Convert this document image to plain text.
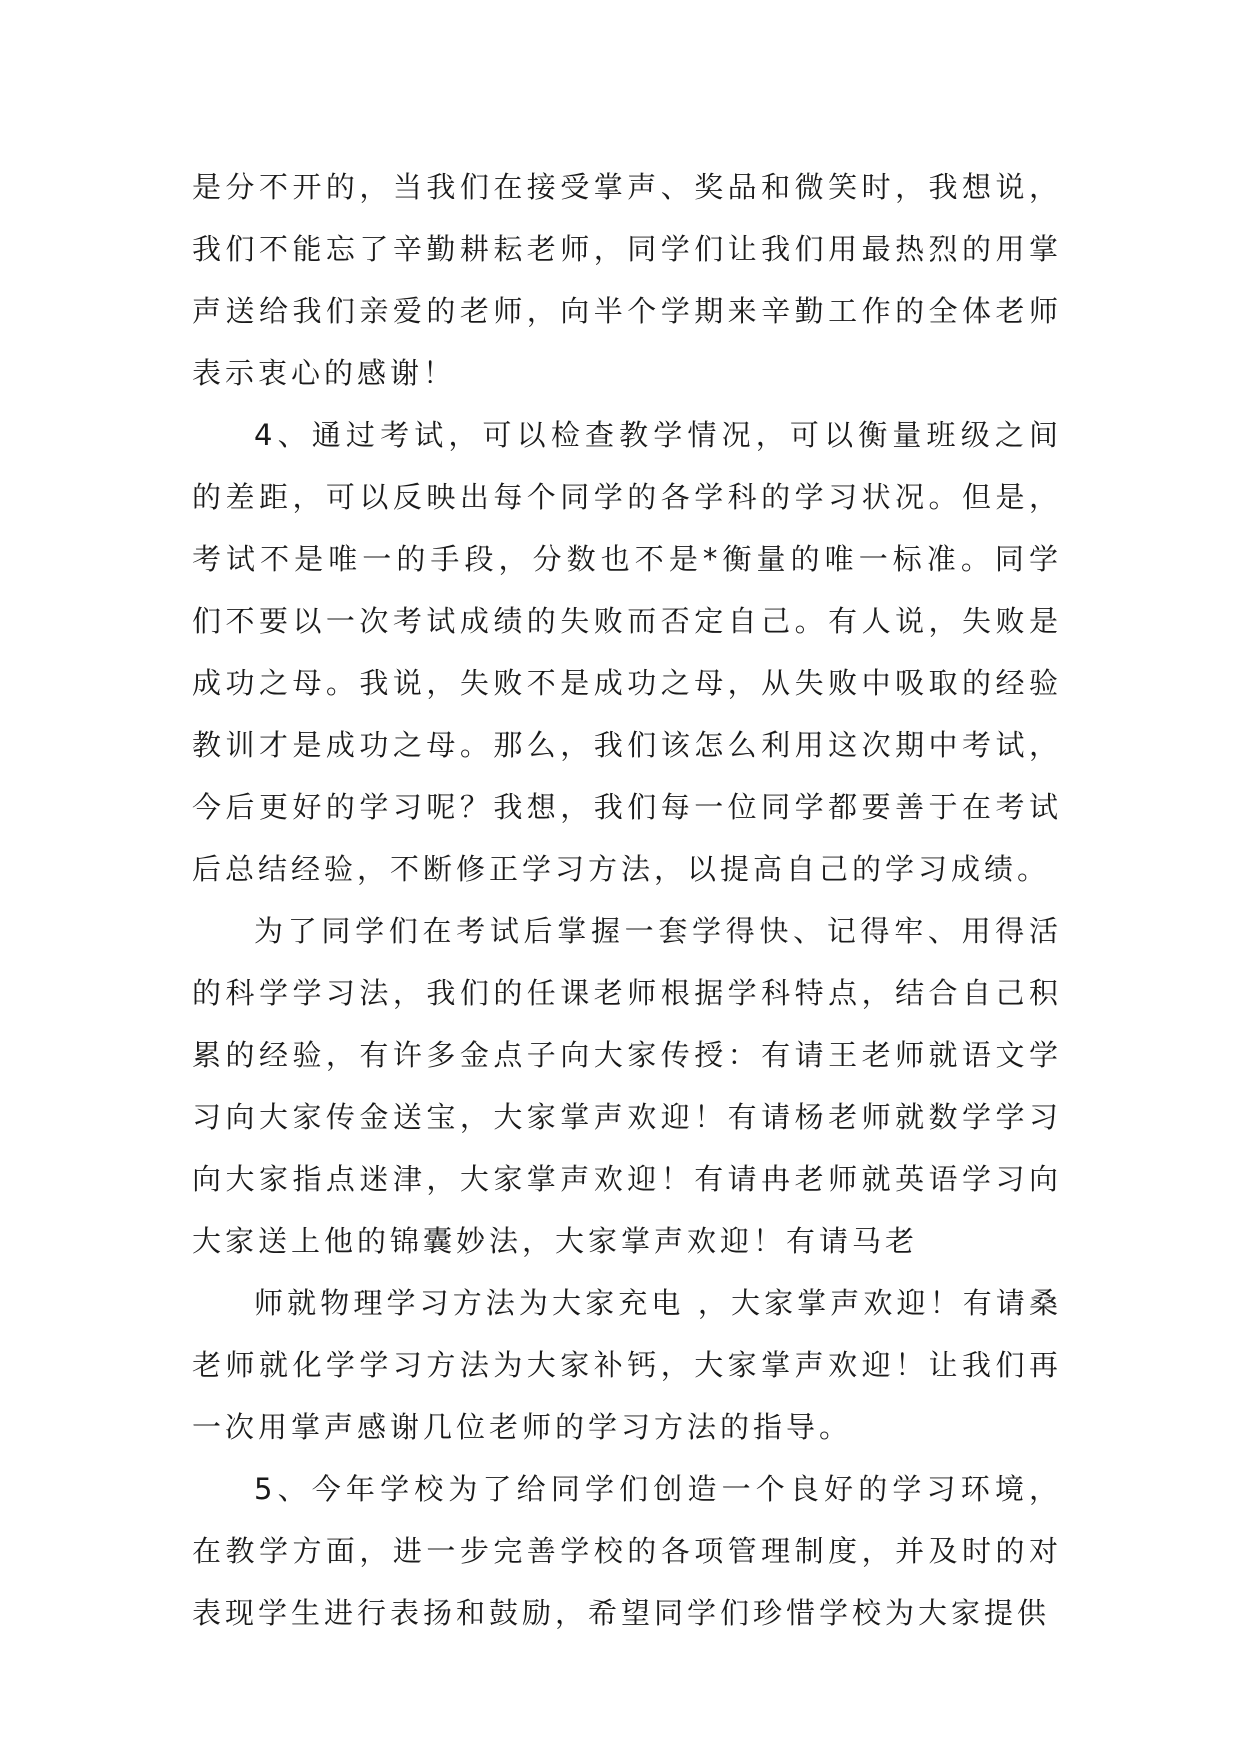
是分不开的，当我们在接受掌声、奖品和微笑时，我想说，我们不能忘了辛勤耕耘老师，同学们让我们用最热烈的用掌声送给我们亲爱的老师，向半个学期来辛勤工作的全体老师表示衷心的感谢！

4、通过考试，可以检查教学情况，可以衡量班级之间的差距，可以反映出每个同学的各学科的学习状况。但是，考试不是唯一的手段，分数也不是*衡量的唯一标准。同学们不要以一次考试成绩的失败而否定自己。有人说，失败是成功之母。我说，失败不是成功之母，从失败中吸取的经验教训才是成功之母。那么，我们该怎么利用这次期中考试，今后更好的学习呢？我想，我们每一位同学都要善于在考试后总结经验，不断修正学习方法，以提高自己的学习成绩。

为了同学们在考试后掌握一套学得快、记得牢、用得活的科学学习法，我们的任课老师根据学科特点，结合自己积累的经验，有许多金点子向大家传授：有请王老师就语文学习向大家传金送宝，大家掌声欢迎！有请杨老师就数学学习向大家指点迷津，大家掌声欢迎！有请冉老师就英语学习向大家送上他的锦囊妙法，大家掌声欢迎！有请马老

师就物理学习方法为大家充电 ，大家掌声欢迎！有请桑老师就化学学习方法为大家补钙，大家掌声欢迎！让我们再一次用掌声感谢几位老师的学习方法的指导。

5、今年学校为了给同学们创造一个良好的学习环境，在教学方面，进一步完善学校的各项管理制度，并及时的对表现学生进行表扬和鼓励，希望同学们珍惜学校为大家提供
